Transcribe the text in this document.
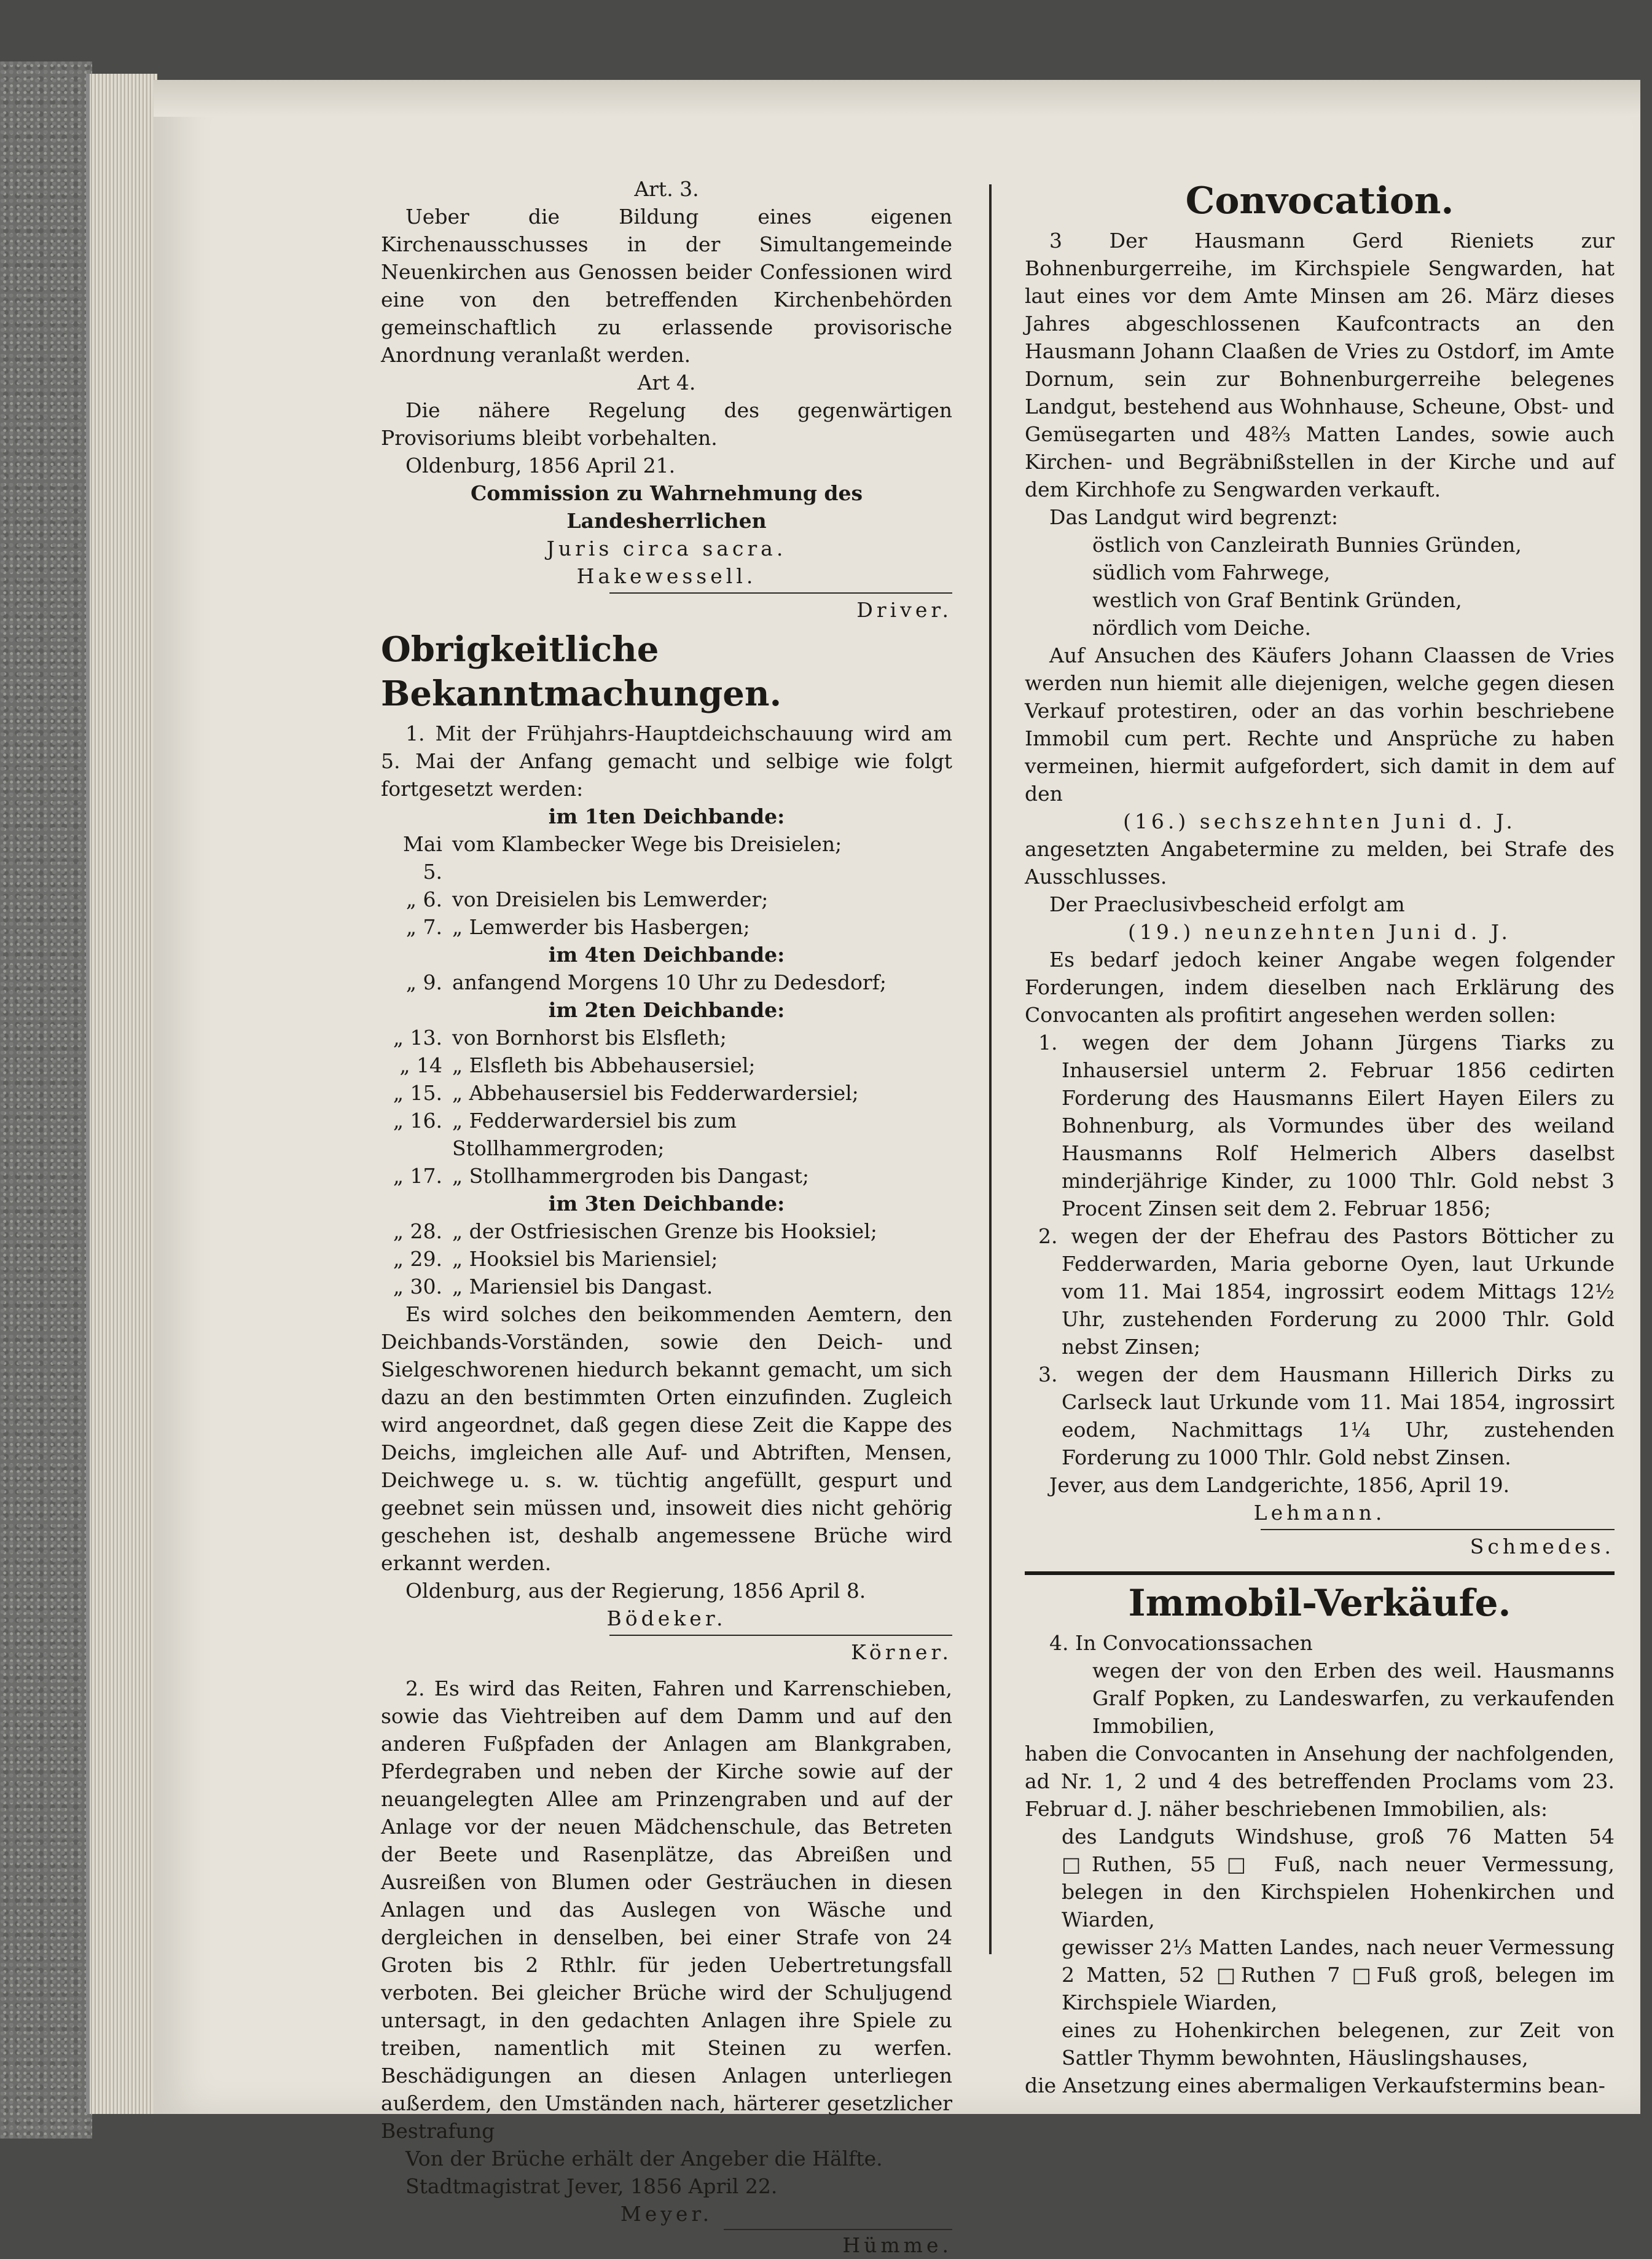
Art. 3.

Ueber die Bildung eines eigenen Kirchenausschusses in der Simultangemeinde Neuenkirchen aus Genossen beider Confessionen wird eine von den betreffenden Kirchenbehörden gemeinschaftlich zu erlassende provisorische Anordnung veranlaßt werden.

Art 4.

Die nähere Regelung des gegenwärtigen Provisoriums bleibt vorbehalten.

Oldenburg, 1856 April 21.

Commission zu Wahrnehmung des Landesherrlichen

Juris circa sacra.

Hakewessell.

Driver.

Obrigkeitliche Bekanntmachungen.

1. Mit der Frühjahrs-Hauptdeichschauung wird am 5. Mai der Anfang gemacht und selbige wie folgt fortgesetzt werden:

im 1ten Deichbande:

Mai 5.
vom Klambecker Wege bis Dreisielen;
„ 6. von Dreisielen bis Lemwerder;
„ 7. „ Lemwerder bis Hasbergen;

im 4ten Deichbande:

„ 9. anfangend Morgens 10 Uhr zu Dedesdorf;

im 2ten Deichbande:

„ 13. von Bornhorst bis Elsfleth;
„ 14 „ Elsfleth bis Abbehausersiel;
„ 15. „ Abbehausersiel bis Fedderwardersiel;
„ 16. „ Fedderwardersiel bis zum Stollhammergroden;
„ 17. „ Stollhammergroden bis Dangast;

im 3ten Deichbande:

„ 28. „ der Ostfriesischen Grenze bis Hooksiel;
„ 29. „ Hooksiel bis Mariensiel;
„ 30. „ Mariensiel bis Dangast.

Es wird solches den beikommenden Aemtern, den Deichbands-Vorständen, sowie den Deich- und Sielgeschworenen hiedurch bekannt gemacht, um sich dazu an den bestimmten Orten einzufinden. Zugleich wird angeordnet, daß gegen diese Zeit die Kappe des Deichs, imgleichen alle Auf- und Abtriften, Mensen, Deichwege u. s. w. tüchtig angefüllt, gespurt und geebnet sein müssen und, insoweit dies nicht gehörig geschehen ist, deshalb angemessene Brüche wird erkannt werden.

Oldenburg, aus der Regierung, 1856 April 8.

Bödeker.

Körner.

2. Es wird das Reiten, Fahren und Karrenschieben, sowie das Viehtreiben auf dem Damm und auf den anderen Fußpfaden der Anlagen am Blankgraben, Pferdegraben und neben der Kirche sowie auf der neuangelegten Allee am Prinzengraben und auf der Anlage vor der neuen Mädchenschule, das Betreten der Beete und Rasenplätze, das Abreißen und Ausreißen von Blumen oder Gesträuchen in diesen Anlagen und das Auslegen von Wäsche und dergleichen in denselben, bei einer Strafe von 24 Groten bis 2 Rthlr. für jeden Uebertretungsfall verboten. Bei gleicher Brüche wird der Schuljugend untersagt, in den gedachten Anlagen ihre Spiele zu treiben, namentlich mit Steinen zu werfen. Beschädigungen an diesen Anlagen unterliegen außerdem, den Umständen nach, härterer gesetzlicher Bestrafung

Von der Brüche erhält der Angeber die Hälfte.

Stadtmagistrat Jever, 1856 April 22.

Meyer.

Hümme.

Convocation.

3 Der Hausmann Gerd Rieniets zur Bohnenburgerreihe, im Kirchspiele Sengwarden, hat laut eines vor dem Amte Minsen am 26. März dieses Jahres abgeschlossenen Kaufcontracts an den Hausmann Johann Claaßen de Vries zu Ostdorf, im Amte Dornum, sein zur Bohnenburgerreihe belegenes Landgut, bestehend aus Wohnhause, Scheune, Obst- und Gemüsegarten und 48⅔ Matten Landes, sowie auch Kirchen- und Begräbnißstellen in der Kirche und auf dem Kirchhofe zu Sengwarden verkauft.

Das Landgut wird begrenzt:

östlich von Canzleirath Bunnies Gründen,

südlich vom Fahrwege,

westlich von Graf Bentink Gründen,

nördlich vom Deiche.

Auf Ansuchen des Käufers Johann Claassen de Vries werden nun hiemit alle diejenigen, welche gegen diesen Verkauf protestiren, oder an das vorhin beschriebene Immobil cum pert. Rechte und Ansprüche zu haben vermeinen, hiermit aufgefordert, sich damit in dem auf den

(16.) sechszehnten Juni d. J.

angesetzten Angabetermine zu melden, bei Strafe des Ausschlusses.

Der Praeclusivbescheid erfolgt am

(19.) neunzehnten Juni d. J.

Es bedarf jedoch keiner Angabe wegen folgender Forderungen, indem dieselben nach Erklärung des Convocanten als profitirt angesehen werden sollen:

1. wegen der dem Johann Jürgens Tiarks zu Inhausersiel unterm 2. Februar 1856 cedirten Forderung des Hausmanns Eilert Hayen Eilers zu Bohnenburg, als Vormundes über des weiland Hausmanns Rolf Helmerich Albers daselbst minderjährige Kinder, zu 1000 Thlr. Gold nebst 3 Procent Zinsen seit dem 2. Februar 1856;

2. wegen der der Ehefrau des Pastors Bötticher zu Fedderwarden, Maria geborne Oyen, laut Urkunde vom 11. Mai 1854, ingrossirt eodem Mittags 12½ Uhr, zustehenden Forderung zu 2000 Thlr. Gold nebst Zinsen;

3. wegen der dem Hausmann Hillerich Dirks zu Carlseck laut Urkunde vom 11. Mai 1854, ingrossirt eodem, Nachmittags 1¼ Uhr, zustehenden Forderung zu 1000 Thlr. Gold nebst Zinsen.

Jever, aus dem Landgerichte, 1856, April 19.

Lehmann.

Schmedes.

Immobil-Verkäufe.

4. In Convocationssachen

wegen der von den Erben des weil. Hausmanns Gralf Popken, zu Landeswarfen, zu verkaufenden Immobilien,

haben die Convocanten in Ansehung der nachfolgenden, ad Nr. 1, 2 und 4 des betreffenden Proclams vom 23. Februar d. J. näher beschriebenen Immobilien, als:

des Landguts Windshuse, groß 76 Matten 54 □Ruthen, 55□ Fuß, nach neuer Vermessung, belegen in den Kirchspielen Hohenkirchen und Wiarden,

gewisser 2⅓ Matten Landes, nach neuer Vermessung 2 Matten, 52 □Ruthen 7 □Fuß groß, belegen im Kirchspiele Wiarden,

eines zu Hohenkirchen belegenen, zur Zeit von Sattler Thymm bewohnten, Häuslingshauses,

die Ansetzung eines abermaligen Verkaufstermins bean-
